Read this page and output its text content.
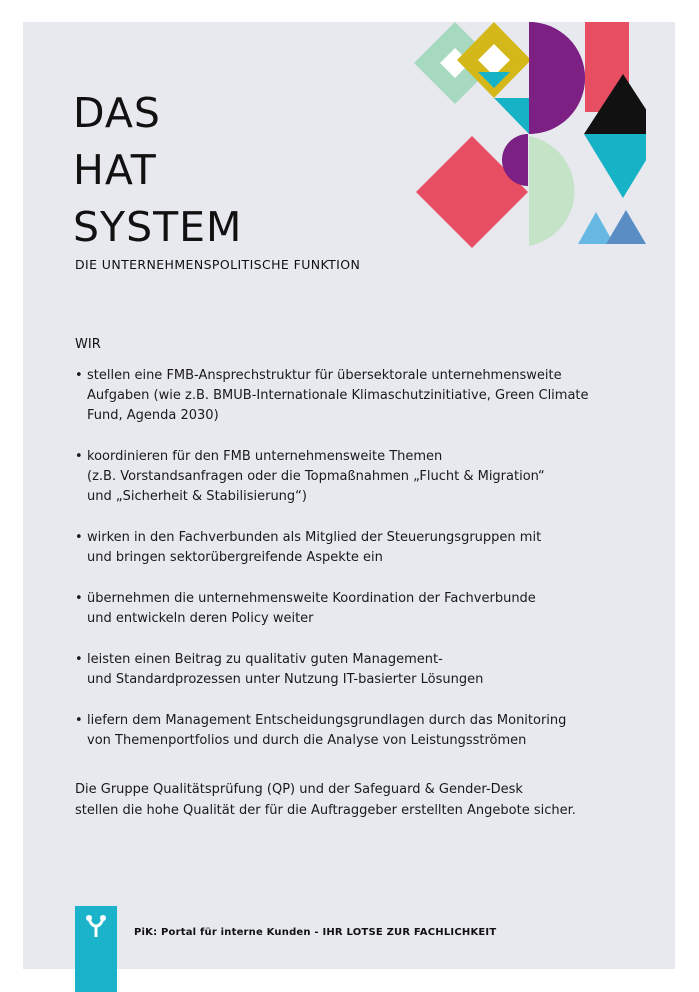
DAS
HAT
SYSTEM
DIE UNTERNEHMENSPOLITISCHE FUNKTION
WIR
• stellen eine FMB-Ansprechstruktur für übersektorale unternehmensweite
Aufgaben (wie z.B. BMUB-Internationale Klimaschutzinitiative, Green Climate
Fund, Agenda 2030)
• koordinieren für den FMB unternehmensweite Themen
(z.B. Vorstandsanfragen oder die Topmaßnahmen „Flucht & Migration“
und „Sicherheit & Stabilisierung“)
• wirken in den Fachverbunden als Mitglied der Steuerungsgruppen mit
und bringen sektorübergreifende Aspekte ein
• übernehmen die unternehmensweite Koordination der Fachverbunde
und entwickeln deren Policy weiter
• leisten einen Beitrag zu qualitativ guten Management-
und Standardprozessen unter Nutzung IT-basierter Lösungen
• liefern dem Management Entscheidungsgrundlagen durch das Monitoring
von Themenportfolios und durch die Analyse von Leistungsströmen
Die Gruppe Qualitätsprüfung (QP) und der Safeguard & Gender-Desk
stellen die hohe Qualität der für die Auftraggeber erstellten Angebote sicher.
PiK: Portal für interne Kunden - IHR LOTSE ZUR FACHLICHKEIT
